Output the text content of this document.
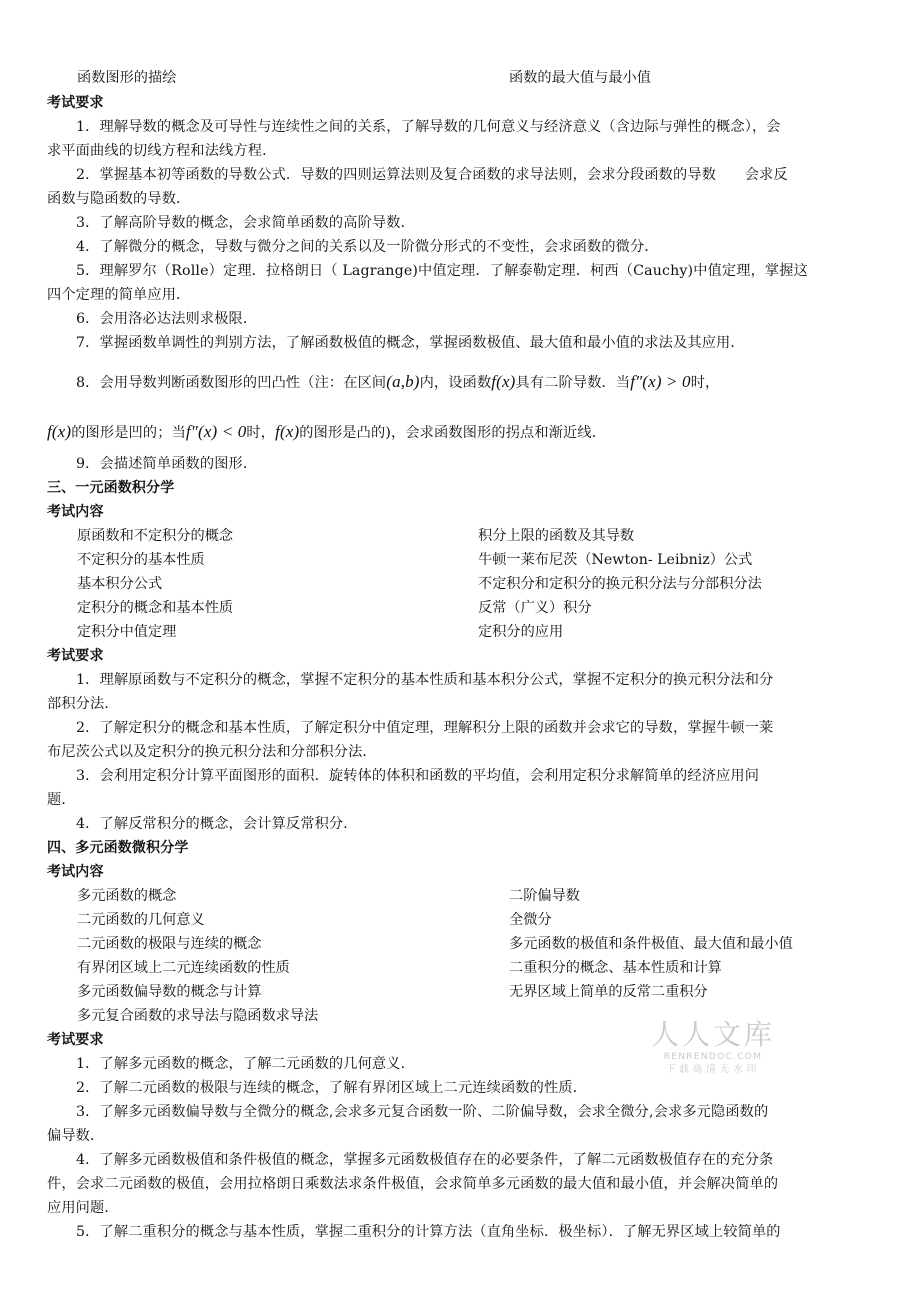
函数图形的描绘	函数的最大值与最小值
考试要求
1．理解导数的概念及可导性与连续性之间的关系，了解导数的几何意义与经济意义（含边际与弹性的概念），会
求平面曲线的切线方程和法线方程．
2．掌握基本初等函数的导数公式．导数的四则运算法则及复合函数的求导法则，会求分段函数的导数　　会求反
函数与隐函数的导数．
3．了解高阶导数的概念，会求简单函数的高阶导数．
4．了解微分的概念，导数与微分之间的关系以及一阶微分形式的不变性，会求函数的微分．
5．理解罗尔（Rolle）定理．拉格朗日（ Lagrange)中值定理．了解泰勒定理．柯西（Cauchy)中值定理，掌握这
四个定理的简单应用．
6．会用洛必达法则求极限．
7．掌握函数单调性的判别方法，了解函数极值的概念，掌握函数极值、最大值和最小值的求法及其应用．
8．会用导数判断函数图形的凹凸性（注：在区间(a,b)内，设函数f(x)具有二阶导数．当f″(x) > 0时，
f(x)的图形是凹的；当f″(x) < 0时，f(x)的图形是凸的)，会求函数图形的拐点和渐近线．
9．会描述简单函数的图形．
三、一元函数积分学
考试内容
原函数和不定积分的概念
不定积分的基本性质
基本积分公式
定积分的概念和基本性质
定积分中值定理
积分上限的函数及其导数
牛顿一莱布尼茨（Newton- Leibniz）公式
不定积分和定积分的换元积分法与分部积分法
反常（广义）积分
定积分的应用
考试要求
1．理解原函数与不定积分的概念，掌握不定积分的基本性质和基本积分公式，掌握不定积分的换元积分法和分
部积分法．
2．了解定积分的概念和基本性质，了解定积分中值定理，理解积分上限的函数并会求它的导数，掌握牛顿一莱
布尼茨公式以及定积分的换元积分法和分部积分法．
3．会利用定积分计算平面图形的面积．旋转体的体积和函数的平均值，会利用定积分求解简单的经济应用问
题．
4．了解反常积分的概念，会计算反常积分．
四、多元函数微积分学
考试内容
多元函数的概念
二元函数的几何意义
二元函数的极限与连续的概念
有界闭区域上二元连续函数的性质
多元函数偏导数的概念与计算
多元复合函数的求导法与隐函数求导法
二阶偏导数
全微分
多元函数的极值和条件极值、最大值和最小值
二重积分的概念、基本性质和计算
无界区域上简单的反常二重积分
考试要求
1．了解多元函数的概念，了解二元函数的几何意义．
2．了解二元函数的极限与连续的概念，了解有界闭区域上二元连续函数的性质．
3．了解多元函数偏导数与全微分的概念,会求多元复合函数一阶、二阶偏导数，会求全微分,会求多元隐函数的
偏导数．
4．了解多元函数极值和条件极值的概念，掌握多元函数极值存在的必要条件，了解二元函数极值存在的充分条
件，会求二元函数的极值，会用拉格朗日乘数法求条件极值，会求简单多元函数的最大值和最小值，并会解决简单的
应用问题．
5．了解二重积分的概念与基本性质，掌握二重积分的计算方法（直角坐标．极坐标）．了解无界区域上较简单的
人人文库
RENRENDOC.COM
下载高清无水印
